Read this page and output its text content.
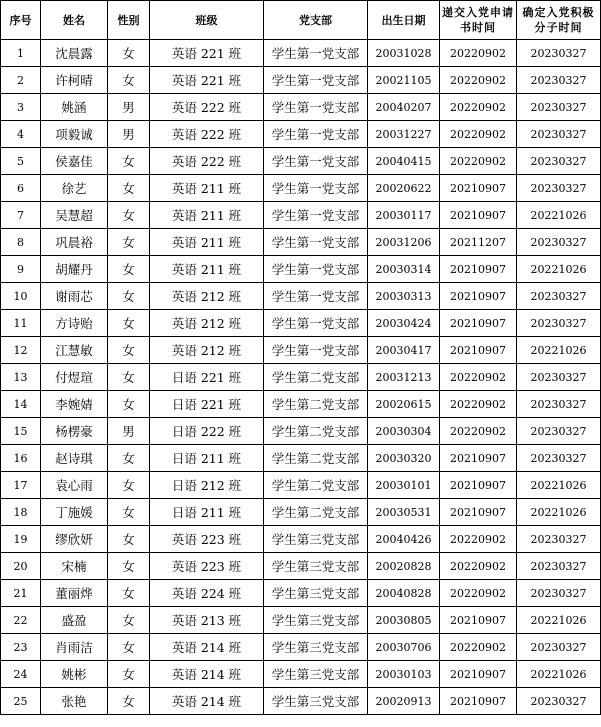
序号	姓名	性别	班级	党支部	出生日期	递交入党申请书时间	确定入党积极分子时间
1	沈晨露	女	英语 221 班	学生第一党支部	20031028	20220902	20230327
2	许柯晴	女	英语 221 班	学生第一党支部	20021105	20220902	20230327
3	姚涵	男	英语 222 班	学生第一党支部	20040207	20220902	20230327
4	项毅诚	男	英语 222 班	学生第一党支部	20031227	20220902	20230327
5	侯嘉佳	女	英语 222 班	学生第一党支部	20040415	20220902	20230327
6	徐艺	女	英语 211 班	学生第一党支部	20020622	20210907	20230327
7	吴慧超	女	英语 211 班	学生第一党支部	20030117	20210907	20221026
8	巩晨裕	女	英语 211 班	学生第一党支部	20031206	20211207	20230327
9	胡耀丹	女	英语 211 班	学生第一党支部	20030314	20210907	20221026
10	谢雨芯	女	英语 212 班	学生第一党支部	20030313	20210907	20230327
11	方诗贻	女	英语 212 班	学生第一党支部	20030424	20210907	20230327
12	江慧敏	女	英语 212 班	学生第一党支部	20030417	20210907	20221026
13	付煜瑄	女	日语 221 班	学生第二党支部	20031213	20220902	20230327
14	李婉婧	女	日语 221 班	学生第二党支部	20020615	20220902	20230327
15	杨楞豪	男	日语 222 班	学生第二党支部	20030304	20220902	20230327
16	赵诗琪	女	日语 211 班	学生第二党支部	20030320	20210907	20230327
17	袁心雨	女	日语 212 班	学生第二党支部	20030101	20210907	20221026
18	丁施媛	女	日语 211 班	学生第二党支部	20030531	20210907	20221026
19	缪欣妍	女	英语 223 班	学生第三党支部	20040426	20220902	20230327
20	宋楠	女	英语 223 班	学生第三党支部	20020828	20220902	20230327
21	董丽烨	女	英语 224 班	学生第三党支部	20040828	20220902	20230327
22	盛盈	女	英语 213 班	学生第三党支部	20030805	20210907	20221026
23	肖雨洁	女	英语 214 班	学生第三党支部	20030706	20220902	20230327
24	姚彬	女	英语 214 班	学生第三党支部	20030103	20210907	20221026
25	张艳	女	英语 214 班	学生第三党支部	20020913	20210907	20230327
